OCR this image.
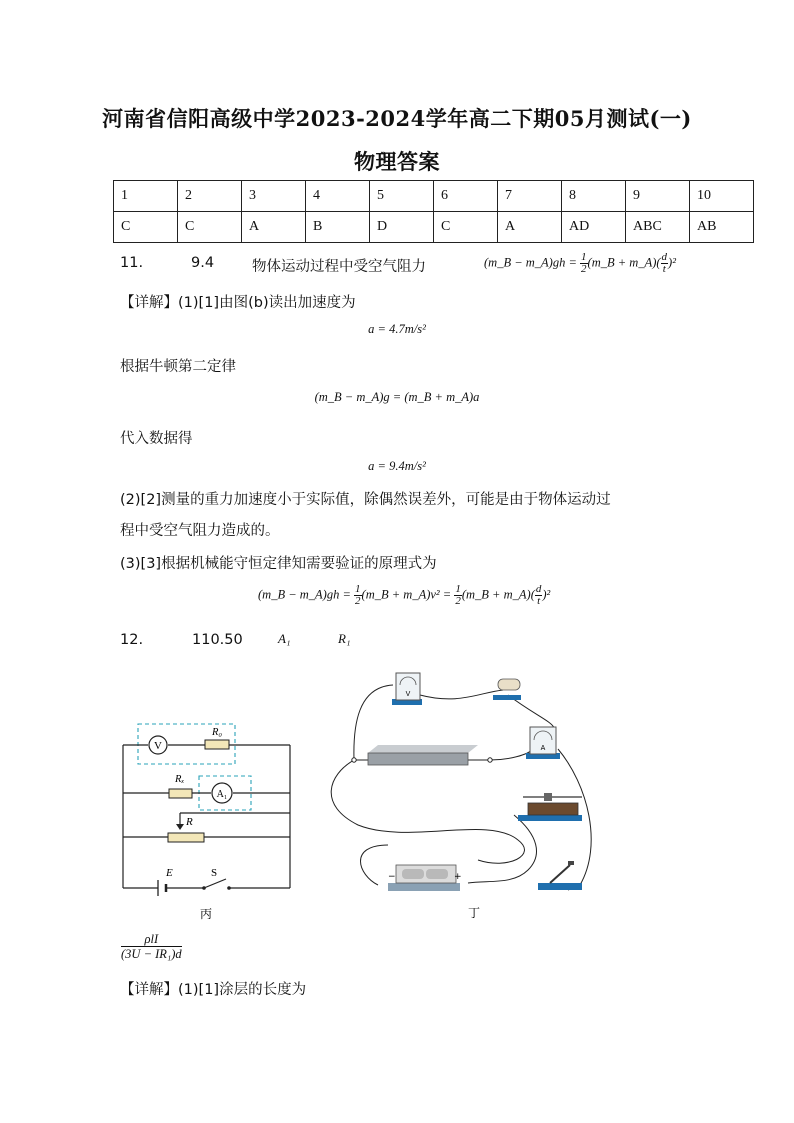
河南省信阳高级中学2023-2024学年高二下期05月测试(一)
物理答案
1	2	3	4	5	6	7	8	9	10
C	C	A	B	D	C	A	AD	ABC	AB
11.	9.4	物体运动过程中受空气阻力	(m_B − m_A)gh = $\frac{1}{2}$ (m_B + m_A)( $\frac{d}{t} )^2$
【详解】(1)[1]由图(b)读出加速度为
a = 4.7m/s²
根据牛顿第二定律
(m_B − m_A)g = (m_B + m_A)a
代入数据得
a = 9.4m/s²
(2)[2]测量的重力加速度小于实际值，除偶然误差外，可能是由于物体运动过
程中受空气阻力造成的。
(3)[3]根据机械能守恒定律知需要验证的原理式为
(m_B − m_A)gh = $\frac{1}{2}$ (m_B + m_A)v² = $\frac{1}{2}$ (m_B + m_A)( $\frac{d}{t} )^2$
12.	110.50	A₁	R₁
V
R₀
Rₓ
A₁
R
E	S
丙
V
A
−	+
丁
$\frac{\text{ρlI}}{\text{(3U − IR₁)d}}$
【详解】(1)[1]涂层的长度为
